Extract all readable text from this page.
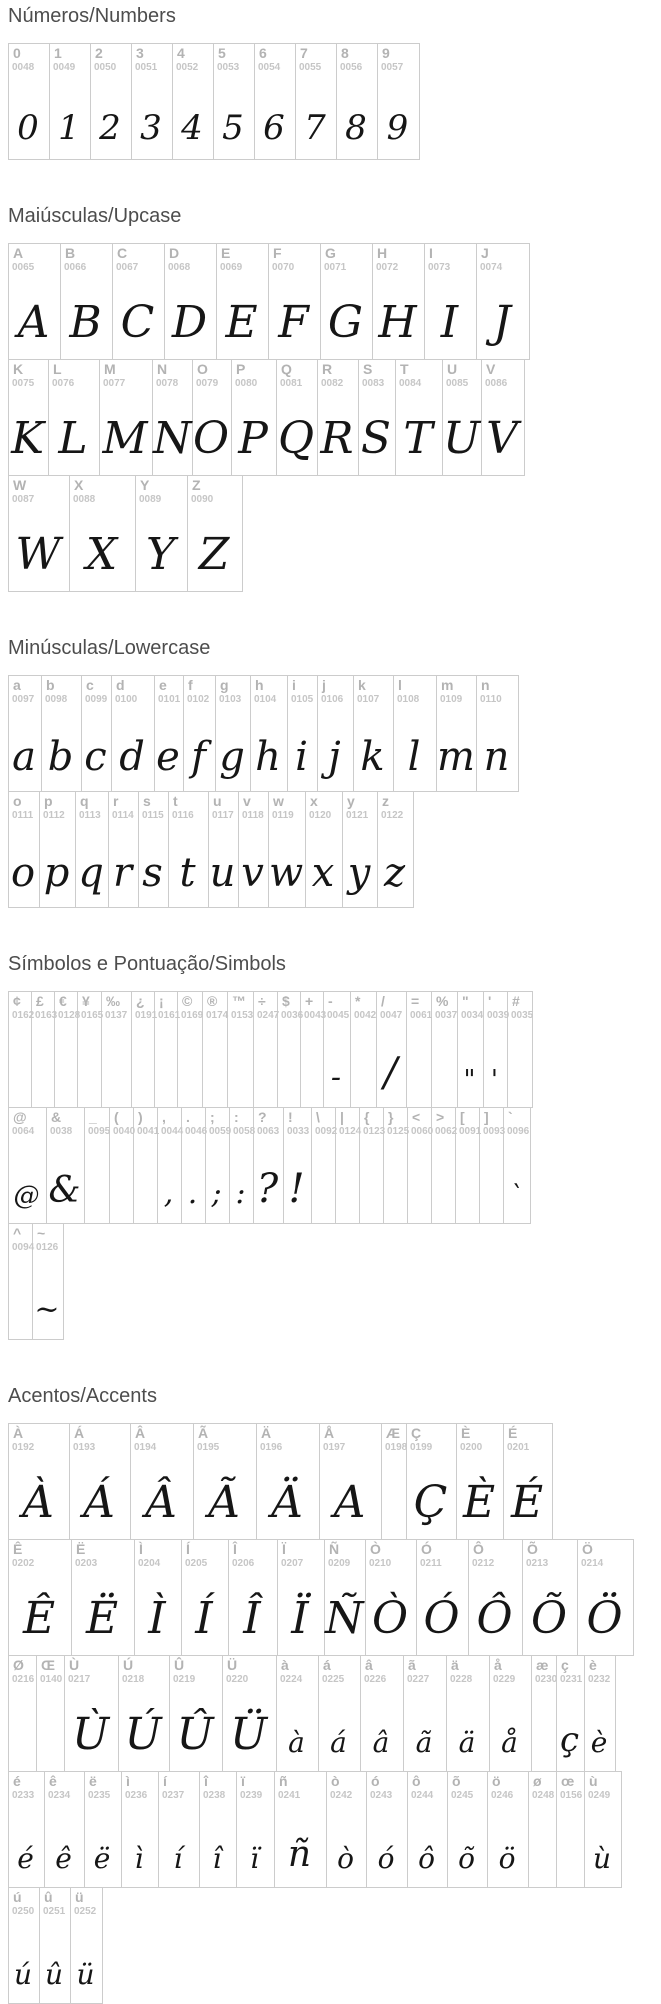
Números/Numbers
0
0048
0
1
0049
1
2
0050
2
3
0051
3
4
0052
4
5
0053
5
6
0054
6
7
0055
7
8
0056
8
9
0057
9
Maiúsculas/Upcase
A
0065
A
B
0066
B
C
0067
C
D
0068
D
E
0069
E
F
0070
F
G
0071
G
H
0072
H
I
0073
I
J
0074
J
K
0075
K
L
0076
L
M
0077
M
N
0078
N
O
0079
O
P
0080
P
Q
0081
Q
R
0082
R
S
0083
S
T
0084
T
U
0085
U
V
0086
V
W
0087
W
X
0088
X
Y
0089
Y
Z
0090
Z
Minúsculas/Lowercase
a
0097
a
b
0098
b
c
0099
c
d
0100
d
e
0101
e
f
0102
f
g
0103
g
h
0104
h
i
0105
i
j
0106
j
k
0107
k
l
0108
l
m
0109
m
n
0110
n
o
0111
o
p
0112
p
q
0113
q
r
0114
r
s
0115
s
t
0116
t
u
0117
u
v
0118
v
w
0119
w
x
0120
x
y
0121
y
z
0122
z
Símbolos e Pontuação/Simbols
¢
0162
£
0163
€
0128
¥
0165
‰
0137
¿
0191
¡
0161
©
0169
®
0174
™
0153
÷
0247
$
0036
+
0043
-
0045
-
*
0042
/
0047
/
=
0061
%
0037
"
0034
"
'
0039
'
#
0035
@
0064
@
&
0038
&
_
0095
(
0040
)
0041
,
0044
,
.
0046
.
;
0059
;
:
0058
:
?
0063
?
!
0033
!
\
0092
|
0124
{
0123
}
0125
<
0060
>
0062
[
0091
]
0093
`
0096
`
^
0094
~
0126
~
Acentos/Accents
À
0192
À
Á
0193
Á
Â
0194
Â
Ã
0195
Ã
Ä
0196
Ä
Å
0197
A
Æ
0198
Ç
0199
Ç
È
0200
È
É
0201
É
Ê
0202
Ê
Ë
0203
Ë
Ì
0204
Ì
Í
0205
Í
Î
0206
Î
Ï
0207
Ï
Ñ
0209
Ñ
Ò
0210
Ò
Ó
0211
Ó
Ô
0212
Ô
Õ
0213
Õ
Ö
0214
Ö
Ø
0216
Œ
0140
Ù
0217
Ù
Ú
0218
Ú
Û
0219
Û
Ü
0220
Ü
à
0224
à
á
0225
á
â
0226
â
ã
0227
ã
ä
0228
ä
å
0229
å
æ
0230
ç
0231
ç
è
0232
è
é
0233
é
ê
0234
ê
ë
0235
ë
ì
0236
ì
í
0237
í
î
0238
î
ï
0239
ï
ñ
0241
ñ
ò
0242
ò
ó
0243
ó
ô
0244
ô
õ
0245
õ
ö
0246
ö
ø
0248
œ
0156
ù
0249
ù
ú
0250
ú
û
0251
û
ü
0252
ü
